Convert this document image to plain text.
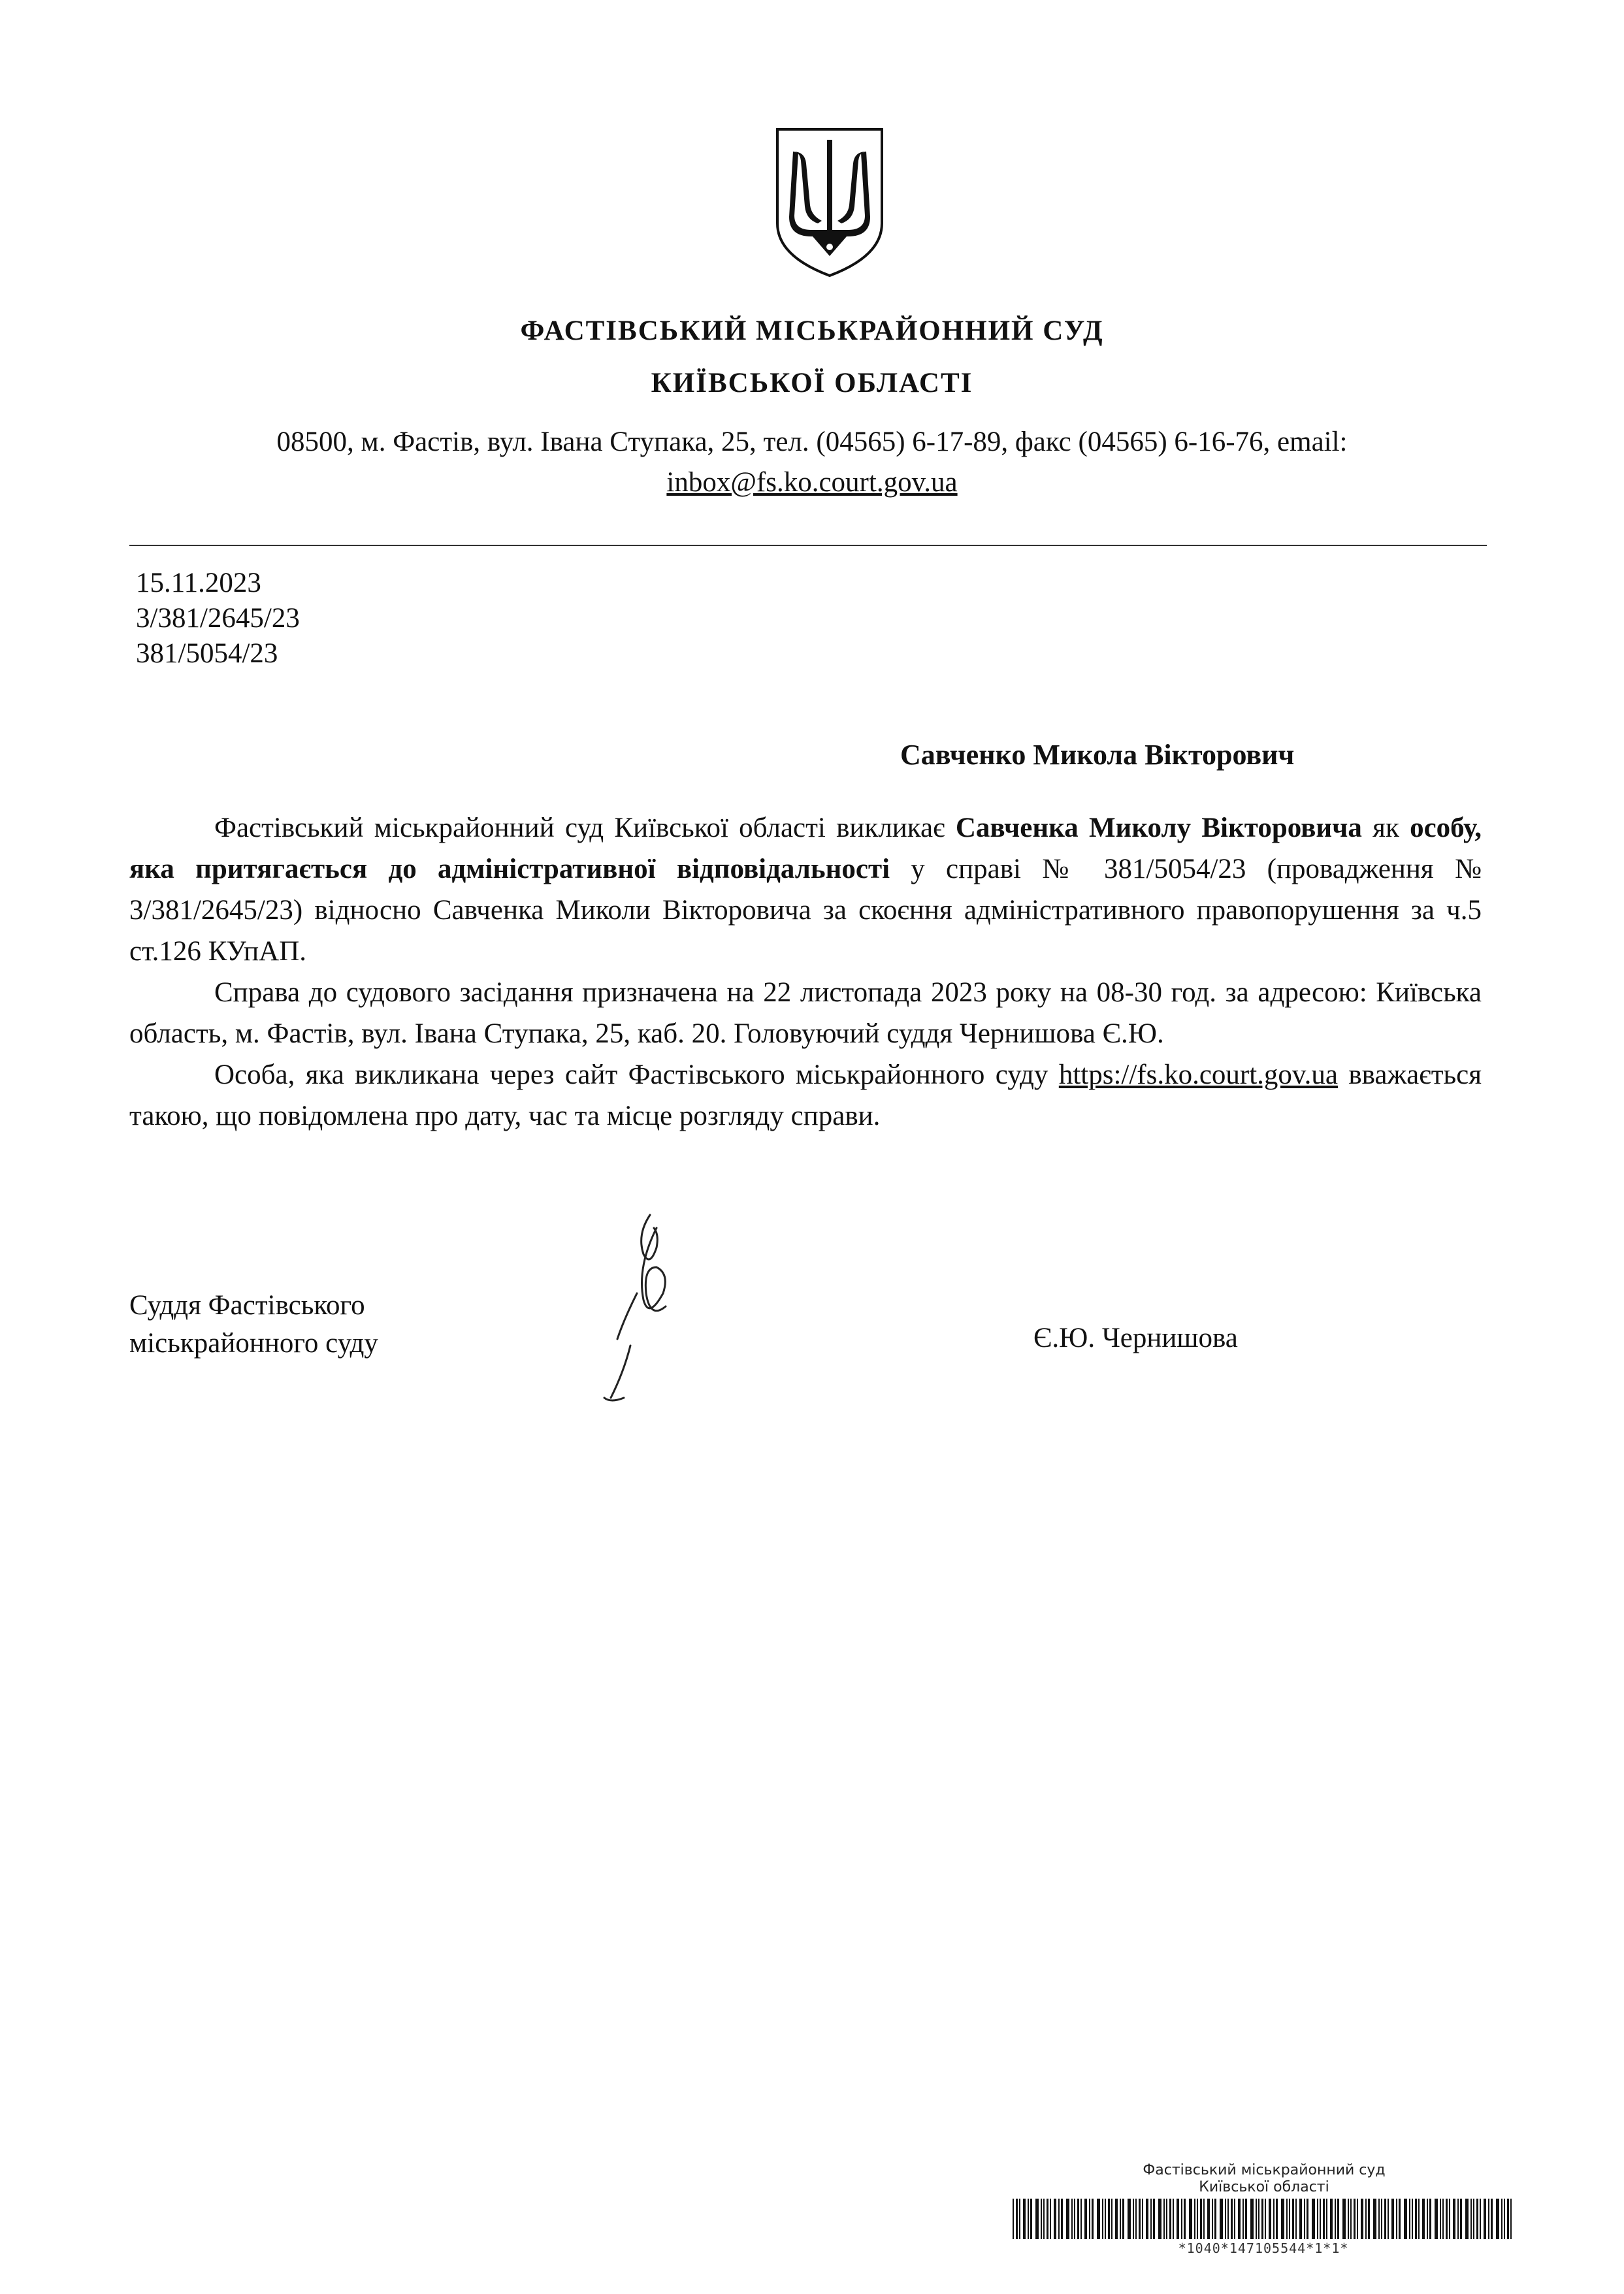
ФАСТІВСЬКИЙ МІСЬКРАЙОННИЙ СУД
КИЇВСЬКОЇ ОБЛАСТІ
08500, м. Фастів, вул. Івана Ступака, 25, тел. (04565) 6-17-89, факс (04565) 6-16-76, email:
inbox@fs.ko.court.gov.ua
15.11.2023
3/381/2645/23
381/5054/23
Савченко Микола Вікторович

Фастівський міськрайонний суд Київської області викликає Савченка Миколу Вікторовича як особу, яка притягається до адміністративної відповідальності у справі № 381/5054/23 (провадження № 3/381/2645/23) відносно Савченка Миколи Вікторовича за скоєння адміністративного правопорушення за ч.5 ст.126 КУпАП.

Справа до судового засідання призначена на 22 листопада 2023 року на 08-30 год. за адресою: Київська область, м. Фастів, вул. Івана Ступака, 25, каб. 20. Головуючий суддя Чернишова Є.Ю.

Особа, яка викликана через сайт Фастівського міськрайонного суду https://fs.ko.court.gov.ua вважається такою, що повідомлена про дату, час та місце розгляду справи.

Суддя Фастівського
міськрайонного суду	Є.Ю. Чернишова
Фастівський міськрайонний суд
Київської області
*1040*147105544*1*1*
